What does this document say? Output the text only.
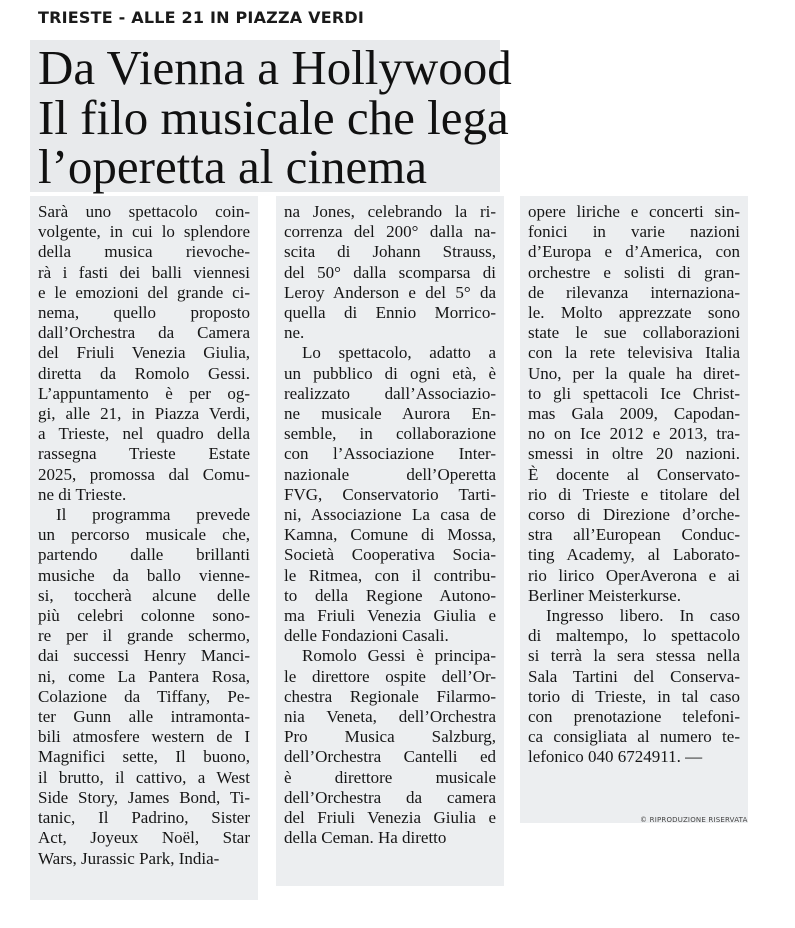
TRIESTE - ALLE 21 IN PIAZZA VERDI
Da Vienna a Hollywood
Il filo musicale che lega
l’operetta al cinema

Sarà uno spettacolo coin-

volgente, in cui lo splendore

della musica rievoche-

rà i fasti dei balli viennesi

e le emozioni del grande ci-

nema, quello proposto

dall’Orchestra da Camera

del Friuli Venezia Giulia,

diretta da Romolo Gessi.

L’appuntamento è per og-

gi, alle 21, in Piazza Verdi,

a Trieste, nel quadro della

rassegna Trieste Estate

2025, promossa dal Comu-

ne di Trieste.

Il programma prevede

un percorso musicale che,

partendo dalle brillanti

musiche da ballo vienne-

si, toccherà alcune delle

più celebri colonne sono-

re per il grande schermo,

dai successi Henry Manci-

ni, come La Pantera Rosa,

Colazione da Tiffany, Pe-

ter Gunn alle intramonta-

bili atmosfere western de I

Magnifici sette, Il buono,

il brutto, il cattivo, a West

Side Story, James Bond, Ti-

tanic, Il Padrino, Sister

Act, Joyeux Noël, Star

Wars, Jurassic Park, India-

na Jones, celebrando la ri-

correnza del 200° dalla na-

scita di Johann Strauss,

del 50° dalla scomparsa di

Leroy Anderson e del 5° da

quella di Ennio Morrico-

ne.

Lo spettacolo, adatto a

un pubblico di ogni età, è

realizzato dall’Associazio-

ne musicale Aurora En-

semble, in collaborazione

con l’Associazione Inter-

nazionale dell’Operetta

FVG, Conservatorio Tarti-

ni, Associazione La casa de

Kamna, Comune di Mossa,

Società Cooperativa Socia-

le Ritmea, con il contribu-

to della Regione Autono-

ma Friuli Venezia Giulia e

delle Fondazioni Casali.

Romolo Gessi è principa-

le direttore ospite dell’Or-

chestra Regionale Filarmo-

nia Veneta, dell’Orchestra

Pro Musica Salzburg,

dell’Orchestra Cantelli ed

è direttore musicale

dell’Orchestra da camera

del Friuli Venezia Giulia e

della Ceman. Ha diretto

opere liriche e concerti sin-

fonici in varie nazioni

d’Europa e d’America, con

orchestre e solisti di gran-

de rilevanza internaziona-

le. Molto apprezzate sono

state le sue collaborazioni

con la rete televisiva Italia

Uno, per la quale ha diret-

to gli spettacoli Ice Christ-

mas Gala 2009, Capodan-

no on Ice 2012 e 2013, tra-

smessi in oltre 20 nazioni.

È docente al Conservato-

rio di Trieste e titolare del

corso di Direzione d’orche-

stra all’European Conduc-

ting Academy, al Laborato-

rio lirico OperAverona e ai

Berliner Meisterkurse.

Ingresso libero. In caso

di maltempo, lo spettacolo

si terrà la sera stessa nella

Sala Tartini del Conserva-

torio di Trieste, in tal caso

con prenotazione telefoni-

ca consigliata al numero te-

lefonico 040 6724911. —

© RIPRODUZIONE RISERVATA
